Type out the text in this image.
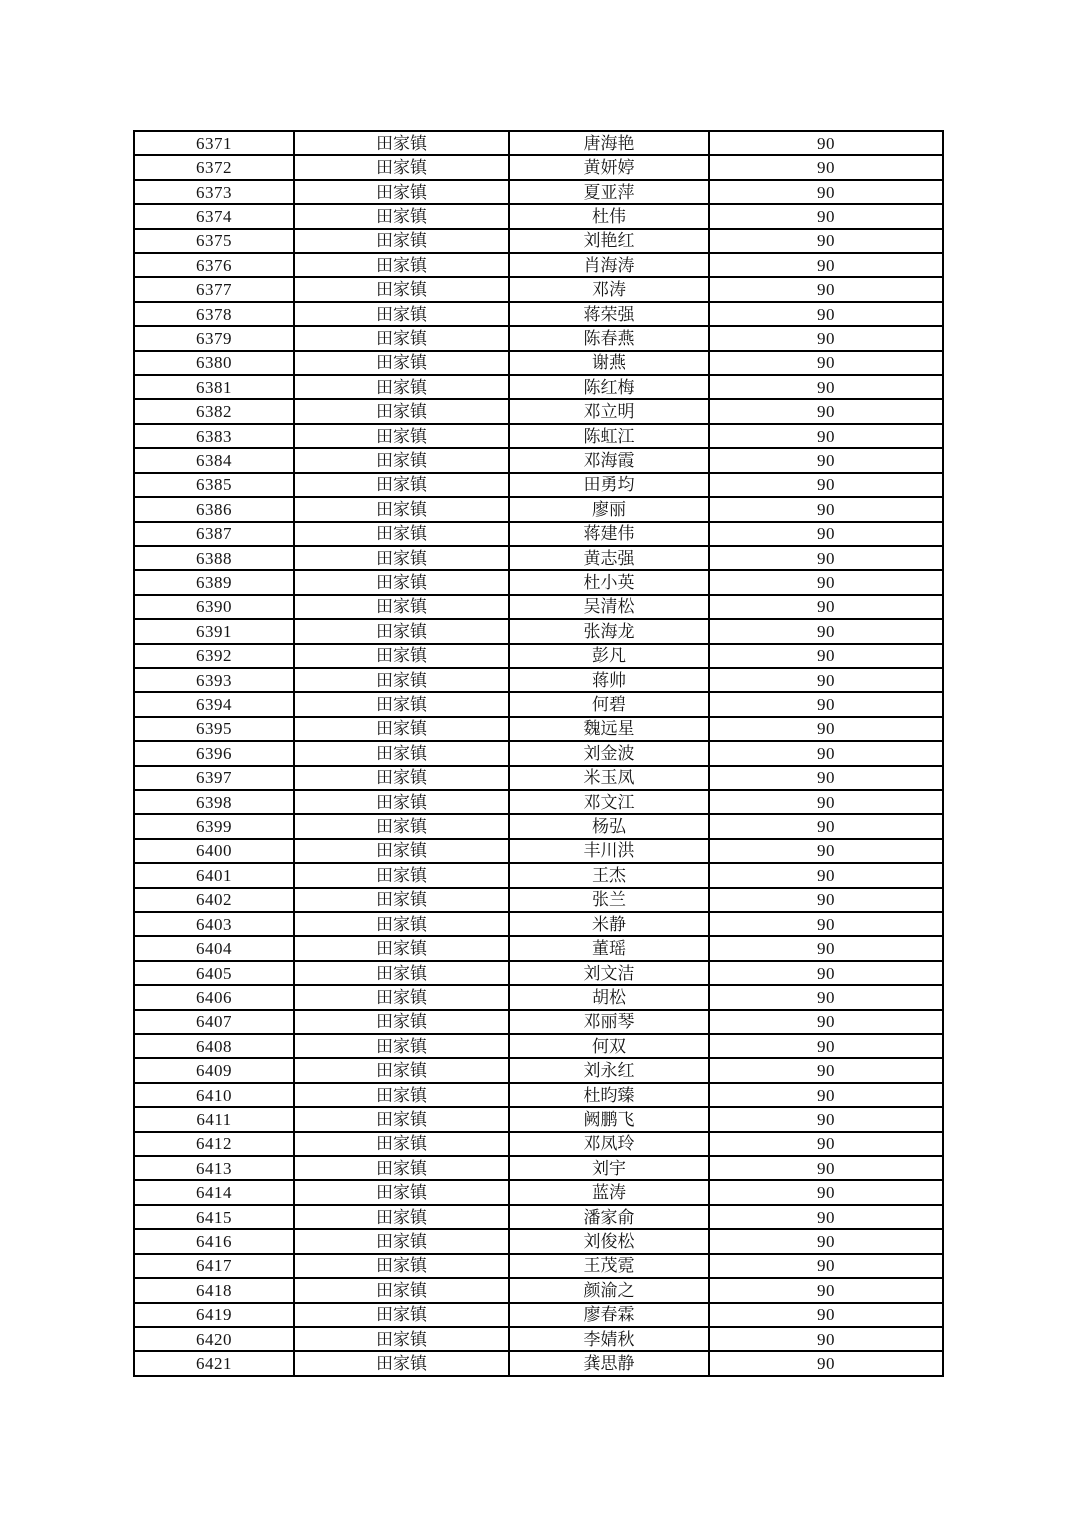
6371	田家镇	唐海艳	90
6372	田家镇	黄妍婷	90
6373	田家镇	夏亚萍	90
6374	田家镇	杜伟	90
6375	田家镇	刘艳红	90
6376	田家镇	肖海涛	90
6377	田家镇	邓涛	90
6378	田家镇	蒋荣强	90
6379	田家镇	陈春燕	90
6380	田家镇	谢燕	90
6381	田家镇	陈红梅	90
6382	田家镇	邓立明	90
6383	田家镇	陈虹江	90
6384	田家镇	邓海霞	90
6385	田家镇	田勇均	90
6386	田家镇	廖丽	90
6387	田家镇	蒋建伟	90
6388	田家镇	黄志强	90
6389	田家镇	杜小英	90
6390	田家镇	吴清松	90
6391	田家镇	张海龙	90
6392	田家镇	彭凡	90
6393	田家镇	蒋帅	90
6394	田家镇	何碧	90
6395	田家镇	魏远星	90
6396	田家镇	刘金波	90
6397	田家镇	米玉凤	90
6398	田家镇	邓文江	90
6399	田家镇	杨弘	90
6400	田家镇	丰川洪	90
6401	田家镇	王杰	90
6402	田家镇	张兰	90
6403	田家镇	米静	90
6404	田家镇	董瑶	90
6405	田家镇	刘文洁	90
6406	田家镇	胡松	90
6407	田家镇	邓丽琴	90
6408	田家镇	何双	90
6409	田家镇	刘永红	90
6410	田家镇	杜昀臻	90
6411	田家镇	阙鹏飞	90
6412	田家镇	邓凤玲	90
6413	田家镇	刘宇	90
6414	田家镇	蓝涛	90
6415	田家镇	潘家俞	90
6416	田家镇	刘俊松	90
6417	田家镇	王茂霓	90
6418	田家镇	颜渝之	90
6419	田家镇	廖春霖	90
6420	田家镇	李婧秋	90
6421	田家镇	龚思静	90
